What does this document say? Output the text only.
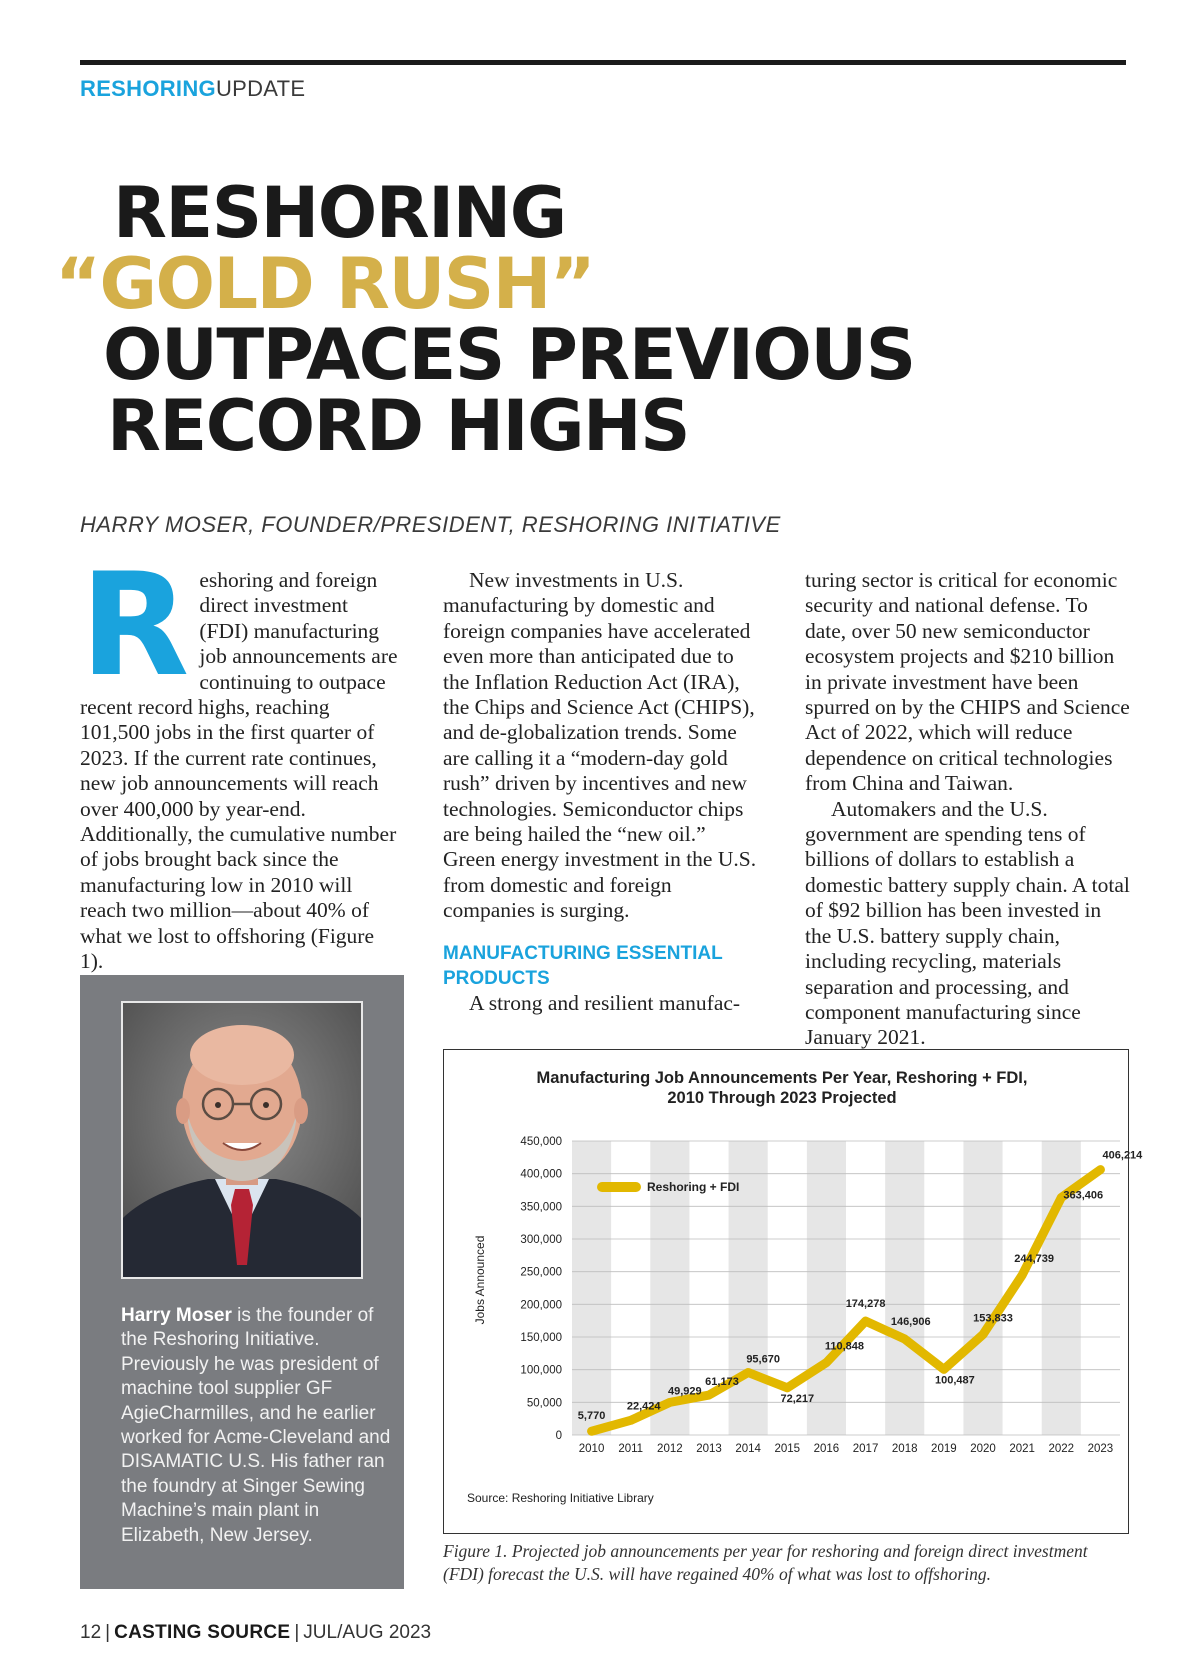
RESHORINGUPDATE
RESHORING
“GOLD RUSH”
OUTPACES PREVIOUS
RECORD HIGHS
HARRY MOSER, FOUNDER/PRESIDENT, RESHORING INITIATIVE
R eshoring and foreign direct investment (FDI) manufacturing job announcements are continuing to outpace recent record highs, reaching 101,500 jobs in the first quarter of 2023. If the current rate continues, new job announcements will reach over 400,000 by year-end. Additionally, the cumulative number of jobs brought back since the manufacturing low in 2010 will reach two million—about 40% of what we lost to offshoring (Figure 1).

New investments in U.S. manufacturing by domestic and foreign companies have accelerated even more than anticipated due to the Inflation Reduction Act (IRA), the Chips and Science Act (CHIPS), and de-globalization trends. Some are calling it a “modern-day gold rush” driven by incentives and new technologies. Semiconductor chips are being hailed the “new oil.” Green energy investment in the U.S. from domestic and foreign companies is surging.

MANUFACTURING ESSENTIAL PRODUCTS

A strong and resilient manufac-

turing sector is critical for economic security and national defense. To date, over 50 new semiconductor ecosystem projects and $210 billion in private investment have been spurred on by the CHIPS and Science Act of 2022, which will reduce dependence on critical technologies from China and Taiwan.

Automakers and the U.S. government are spending tens of billions of dollars to establish a domestic battery supply chain. A total of $92 billion has been invested in the U.S. battery supply chain, including recycling, materials separation and processing, and component manufacturing since January 2021.

Harry Moser is the founder of the Reshoring Initiative. Previously he was president of machine tool supplier GF AgieCharmilles, and he earlier worked for Acme-Cleveland and DISAMATIC U.S. His father ran the foundry at Singer Sewing Machine’s main plant in Elizabeth, New Jersey.
Manufacturing Job Announcements Per Year, Reshoring + FDI,
2010 Through 2023 Projected
0
50,000
100,000
150,000
200,000
250,000
300,000
350,000
400,000
450,000
2010 2011 2012 2013 2014 2015 2016 2017 2018 2019 2020 2021 2022 2023
5,770
22,424
49,929
61,173
95,670
72,217
110,848
174,278
146,906
100,487
153,833
244,739
363,406
406,214
Jobs Announced
Reshoring + FDI
Source: Reshoring Initiative Library
Figure 1. Projected job announcements per year for reshoring and foreign direct investment (FDI) forecast the U.S. will have regained 40% of what was lost to offshoring.
12 | CASTING SOURCE | JUL/AUG 2023
